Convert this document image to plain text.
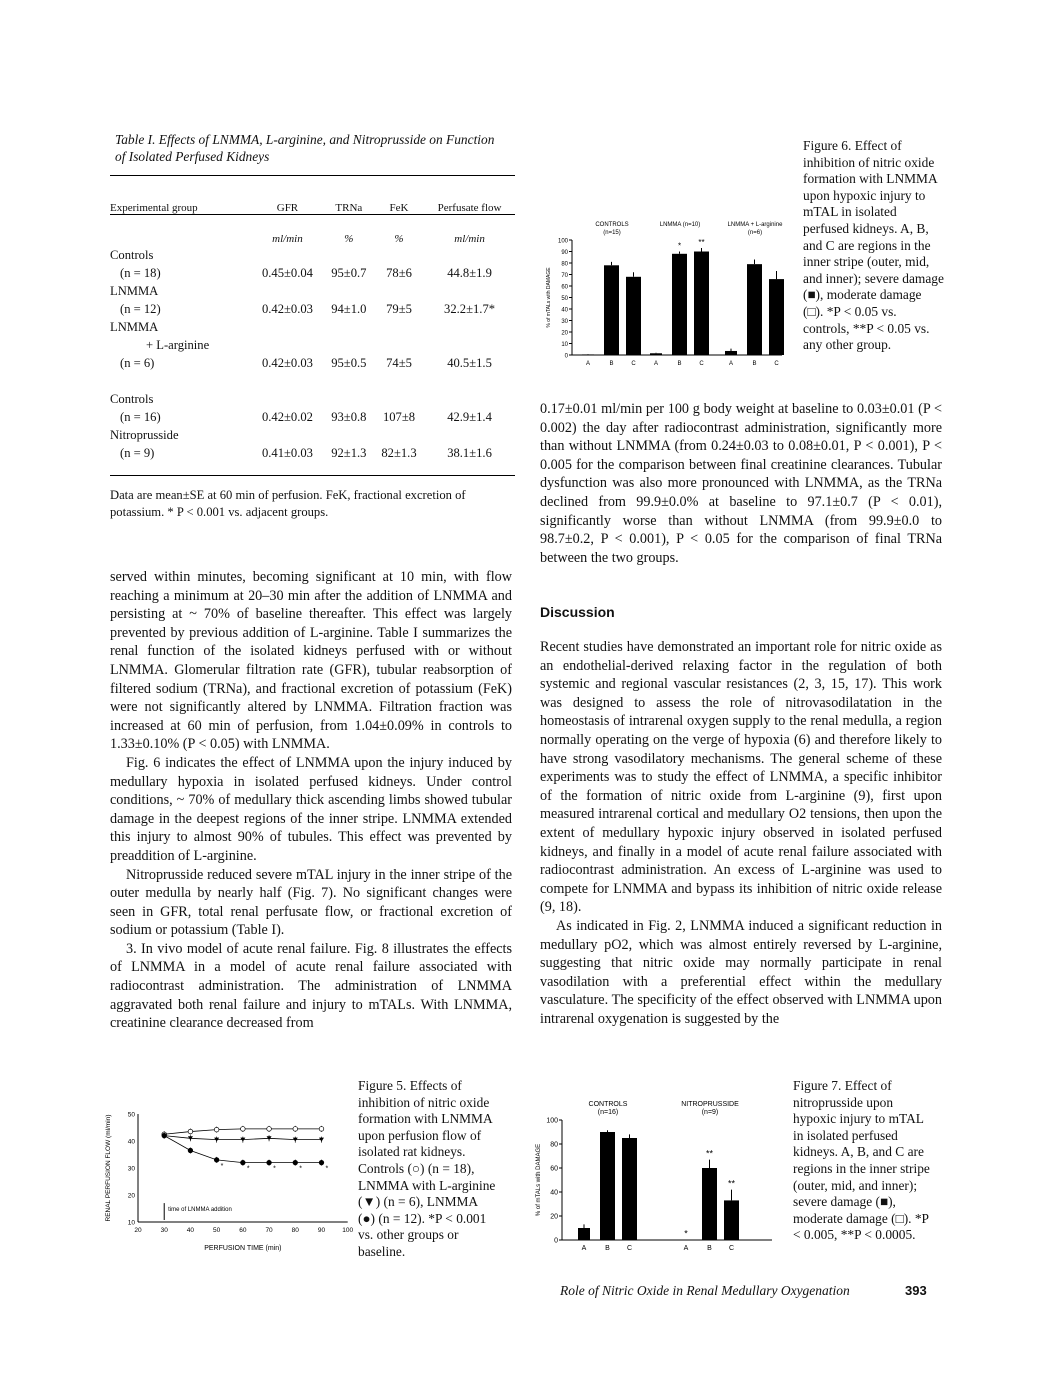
Table I. Effects of LNMMA, L-arginine, and Nitroprusside on Function of Isolated Perfused Kidneys
Experimental group	GFR	TRNa	FeK	Perfusate flow
	ml/min	%	%	ml/min
Controls				
(n = 18)	0.45±0.04	95±0.7	78±6	44.8±1.9
LNMMA				
(n = 12)	0.42±0.03	94±1.0	79±5	32.2±1.7*
LNMMA				
+ L-arginine				
(n = 6)	0.42±0.03	95±0.5	74±5	40.5±1.5

Controls				
(n = 16)	0.42±0.02	93±0.8	107±8	42.9±1.4
Nitroprusside				
(n = 9)	0.41±0.03	92±1.3	82±1.3	38.1±1.6
Data are mean±SE at 60 min of perfusion. FeK, fractional excretion of potassium. * P < 0.001 vs. adjacent groups.

served within minutes, becoming significant at 10 min, with flow reaching a minimum at 20–30 min after the addition of LNMMA and persisting at ~ 70% of baseline thereafter. This effect was largely prevented by previous addition of L-arginine. Table I summarizes the renal function of the isolated kidneys perfused with or without LNMMA. Glomerular filtration rate (GFR), tubular reabsorption of filtered sodium (TRNa), and fractional excretion of potassium (FeK) were not significantly altered by LNMMA. Filtration fraction was increased at 60 min of perfusion, from 1.04±0.09% in controls to 1.33±0.10% (P < 0.05) with LNMMA.

Fig. 6 indicates the effect of LNMMA upon the injury induced by medullary hypoxia in isolated perfused kidneys. Under control conditions, ~ 70% of medullary thick ascending limbs showed tubular damage in the deepest regions of the inner stripe. LNMMA extended this injury to almost 90% of tubules. This effect was prevented by preaddition of L-arginine.

Nitroprusside reduced severe mTAL injury in the inner stripe of the outer medulla by nearly half (Fig. 7). No significant changes were seen in GFR, total renal perfusate flow, or fractional excretion of sodium or potassium (Table I).

3. In vivo model of acute renal failure. Fig. 8 illustrates the effects of LNMMA in a model of acute renal failure associated with radiocontrast administration. The administration of LNMMA aggravated both renal failure and injury to mTALs. With LNMMA, creatinine clearance decreased from

0.17±0.01 ml/min per 100 g body weight at baseline to 0.03±0.01 (P < 0.002) the day after radiocontrast administration, significantly more than without LNMMA (from 0.24±0.03 to 0.08±0.01, P < 0.001), P < 0.005 for the comparison between final creatinine clearances. Tubular dysfunction was also more pronounced with LNMMA, as the TRNa declined from 99.9±0.0% at baseline to 97.1±0.7 (P < 0.01), significantly worse than without LNMMA (from 99.9±0.0 to 98.7±0.2, P < 0.001), P < 0.05 for the comparison of final TRNa between the two groups.

Discussion

Recent studies have demonstrated an important role for nitric oxide as an endothelial-derived relaxing factor in the regulation of both systemic and regional vascular resistances (2, 3, 15, 17). This work was designed to assess the role of nitrovasodilatation in the homeostasis of intrarenal oxygen supply to the renal medulla, a region normally operating on the verge of hypoxia (6) and therefore likely to have strong vasodilatory mechanisms. The general scheme of these experiments was to study the effect of LNMMA, a specific inhibitor of the formation of nitric oxide from L-arginine (9), first upon measured intrarenal cortical and medullary O2 tensions, then upon the extent of medullary hypoxic injury observed in isolated perfused kidneys, and finally in a model of acute renal failure associated with radiocontrast administration. An excess of L-arginine was used to compete for LNMMA and bypass its inhibition of nitric oxide release (9, 18).

As indicated in Fig. 2, LNMMA induced a significant reduction in medullary pO2, which was almost entirely reversed by L-arginine, suggesting that nitric oxide may normally participate in renal vasodilation with a preferential effect within the medullary vasculature. The specificity of the effect observed with LNMMA upon intrarenal oxygenation is suggested by the

Figure 6. Effect of inhibition of nitric oxide formation with LNMMA upon hypoxic injury to mTAL in isolated perfused kidneys. A, B, and C are regions in the inner stripe (outer, mid, and inner); severe damage (■), moderate damage (□). *P < 0.05 vs. controls, **P < 0.05 vs. any other group.
Figure 5. Effects of inhibition of nitric oxide formation with LNMMA upon perfusion flow of isolated rat kidneys. Controls (○) (n = 18), LNMMA with L-arginine (▼) (n = 6), LNMMA (●) (n = 12). *P < 0.001 vs. other groups or baseline.
Figure 7. Effect of nitroprusside upon hypoxic injury to mTAL in isolated perfused kidneys. A, B, and C are regions in the inner stripe (outer, mid, and inner); severe damage (■), moderate damage (□). *P < 0.005, **P < 0.0005.
0
10
20
30
40
50
60
70
80
90
100
% of mTALs with DAMAGE
CONTROLS
(n=15)
A	B	C
LNMMA (n=10)
A	B
*
C
**
LNMMA + L-arginine
(n=6)
A	B	C
20	30	40	50	60	70	80	90	100
10
20
30
40
50
PERFUSION TIME (min)
RENAL PERFUSION FLOW (ml/min)	time of LNMMA addition
*	*	*	*	*
0
20
40
60
80
100
% of mTALs with DAMAGE
CONTROLS
(n=16)
A	B C
NITROPRUSSIDE
(n=9)
A
*
B
**
C
**
Role of Nitric Oxide in Renal Medullary Oxygenation	393
